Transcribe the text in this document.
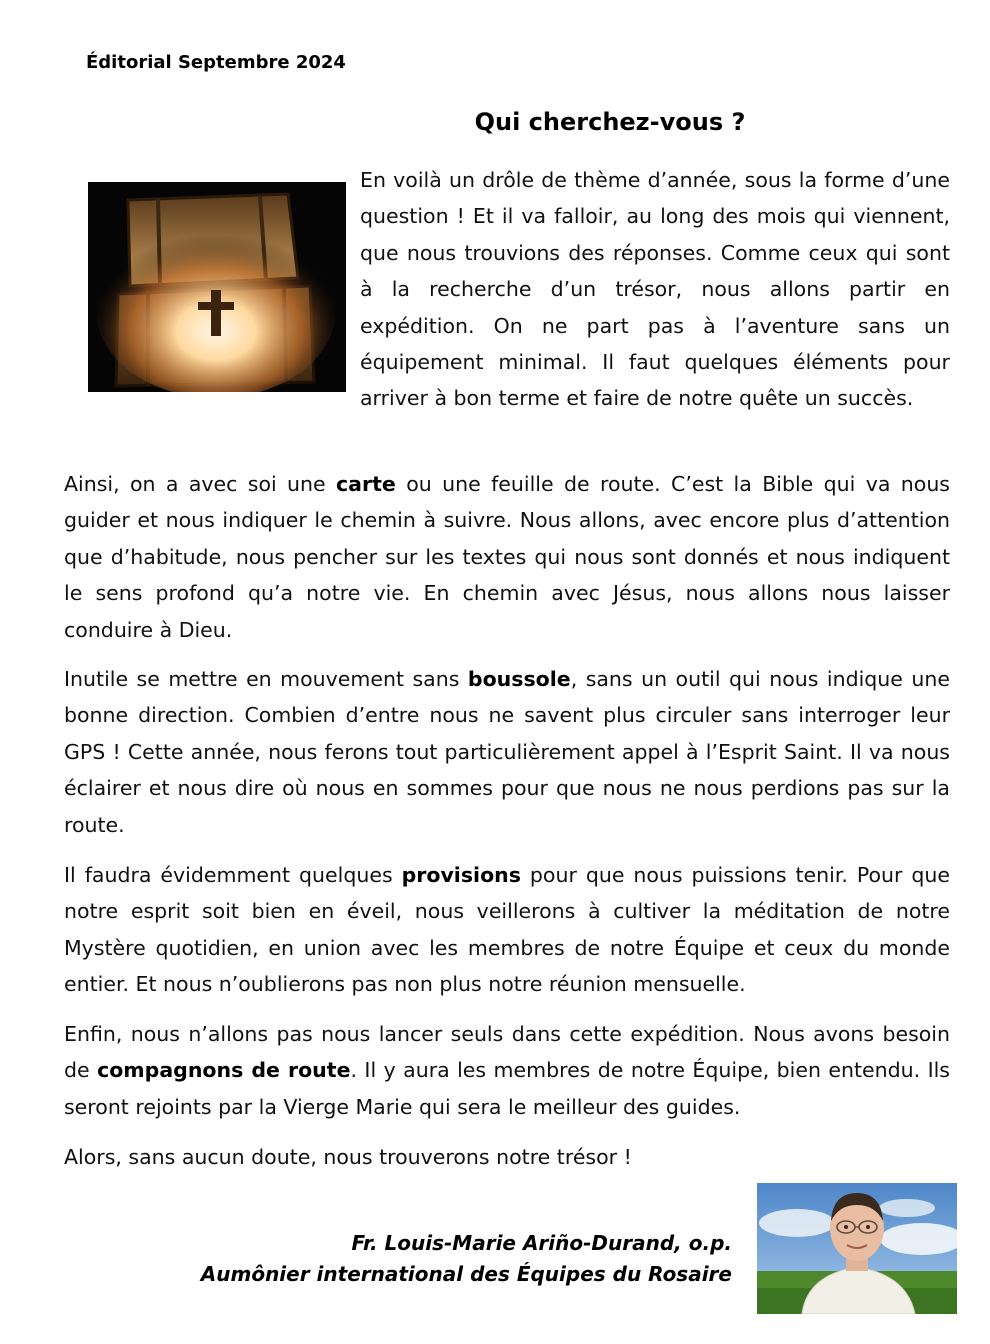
Éditorial Septembre 2024
Qui cherchez-vous ?

En voilà un drôle de thème d’année, sous la forme d’une question ! Et il va falloir, au long des mois qui viennent, que nous trouvions des réponses. Comme ceux qui sont à la recherche d’un trésor, nous allons partir en expédition. On ne part pas à l’aventure sans un équipement minimal. Il faut quelques éléments pour arriver à bon terme et faire de notre quête un succès.

Ainsi, on a avec soi une carte ou une feuille de route. C’est la Bible qui va nous guider et nous indiquer le chemin à suivre. Nous allons, avec encore plus d’attention que d’habitude, nous pencher sur les textes qui nous sont donnés et nous indiquent le sens profond qu’a notre vie. En chemin avec Jésus, nous allons nous laisser conduire à Dieu.

Inutile se mettre en mouvement sans boussole, sans un outil qui nous indique une bonne direction. Combien d’entre nous ne savent plus circuler sans interroger leur GPS ! Cette année, nous ferons tout particulièrement appel à l’Esprit Saint. Il va nous éclairer et nous dire où nous en sommes pour que nous ne nous perdions pas sur la route.

Il faudra évidemment quelques provisions pour que nous puissions tenir. Pour que notre esprit soit bien en éveil, nous veillerons à cultiver la méditation de notre Mystère quotidien, en union avec les membres de notre Équipe et ceux du monde entier. Et nous n’oublierons pas non plus notre réunion mensuelle.

Enfin, nous n’allons pas nous lancer seuls dans cette expédition. Nous avons besoin de compagnons de route. Il y aura les membres de notre Équipe, bien entendu. Ils seront rejoints par la Vierge Marie qui sera le meilleur des guides.

Alors, sans aucun doute, nous trouverons notre trésor !

Fr. Louis-Marie Ariño-Durand, o.p.
Aumônier international des Équipes du Rosaire
